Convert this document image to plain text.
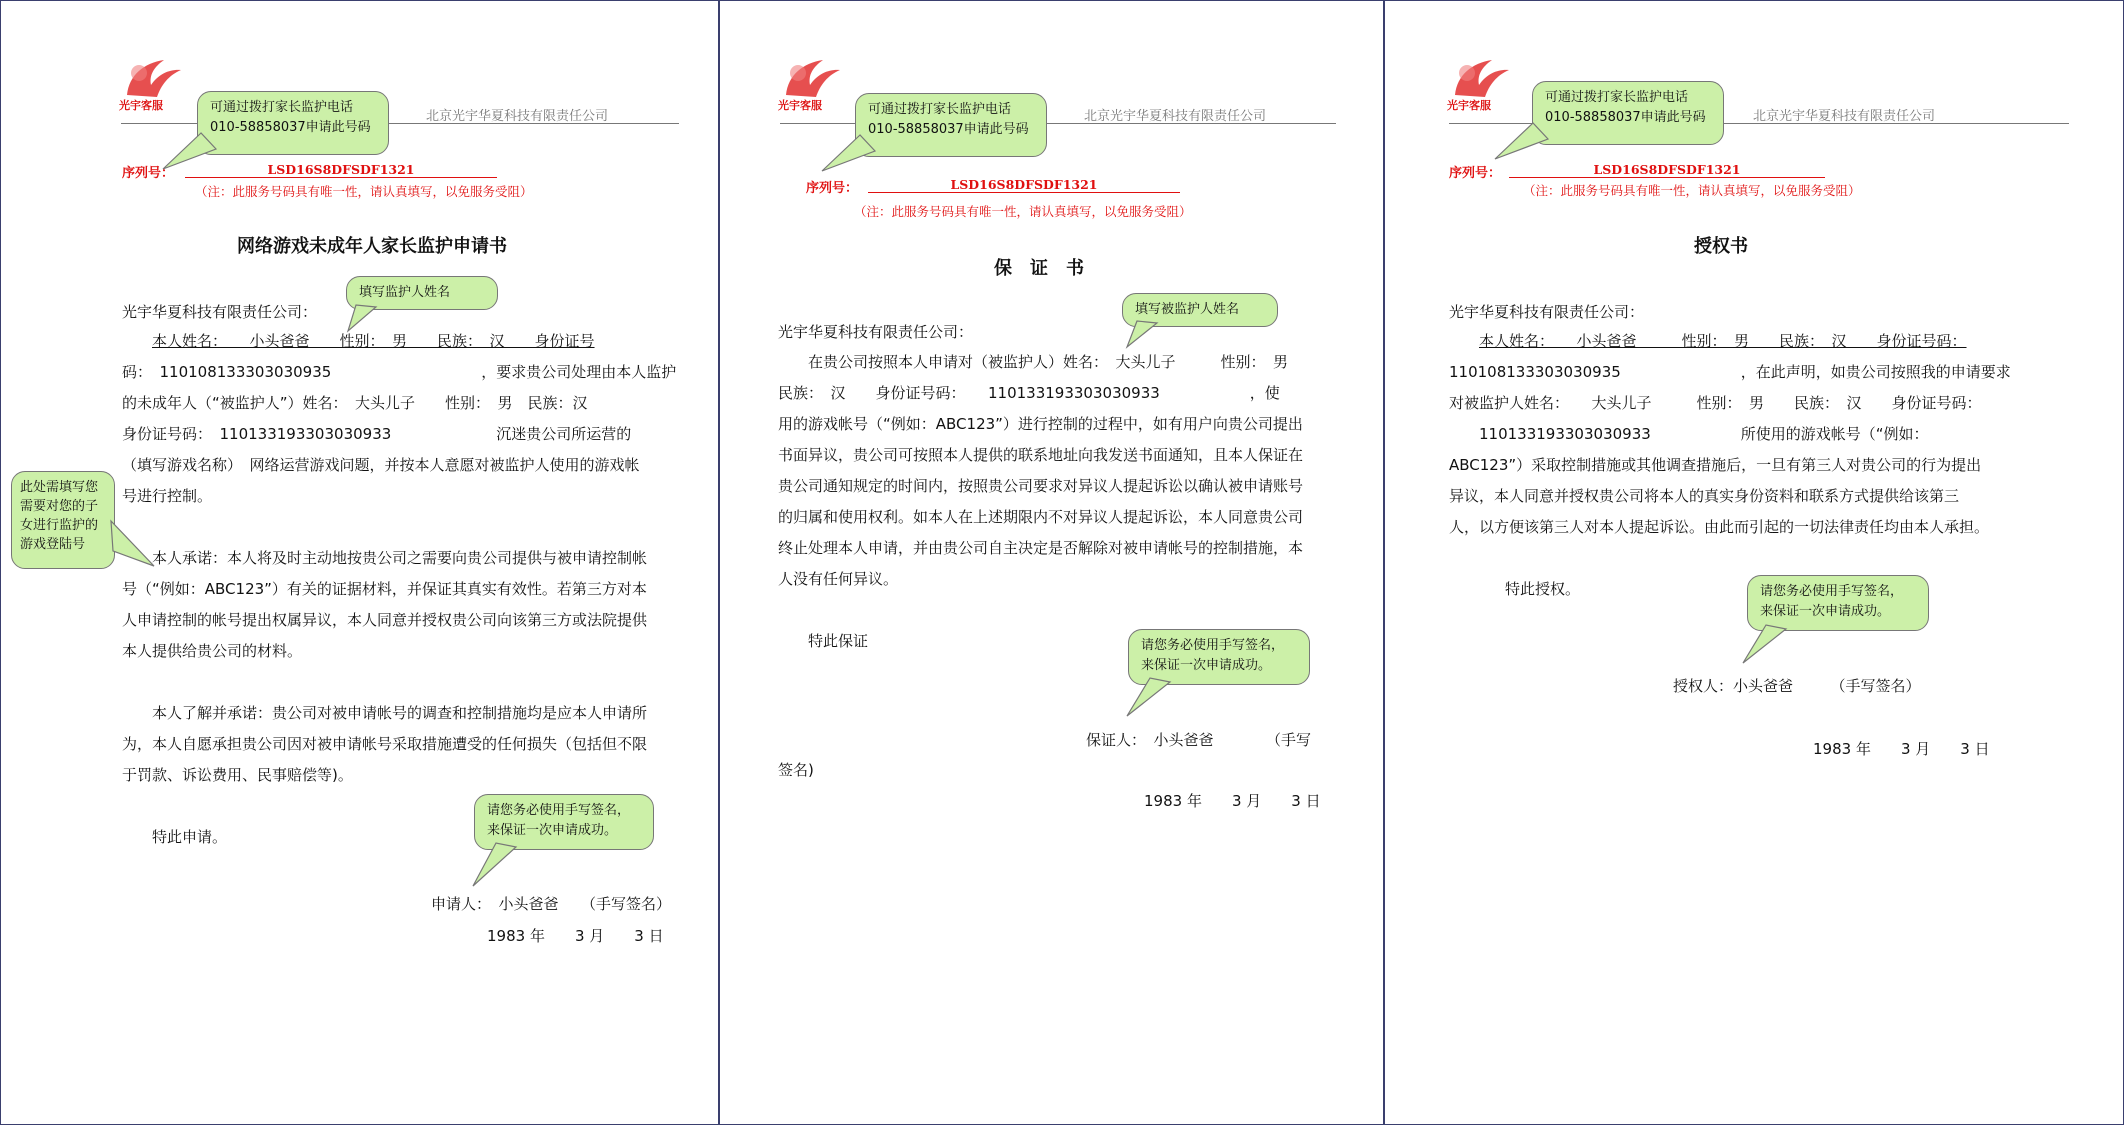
光宇客服
北京光宇华夏科技有限责任公司
可通过拨打家长监护电话
010-58858037申请此号码
序列号：	LSD16S8DFSDF1321
（注：此服务号码具有唯一性，请认真填写，以免服务受阻）
网络游戏未成年人家长监护申请书
填写监护人姓名
光宇华夏科技有限责任公司：
本人姓名：　　小头爸爸　　性别：　男　　民族：　汉　　身份证号
码：　110108133303030935　　　　　　　　　　，要求贵公司处理由本人监护
的未成年人（“被监护人”）姓名：　大头儿子　　性别：　男　民族：汉
身份证号码：　110133193303030933　　　　　　　沉迷贵公司所运营的
（填写游戏名称）　网络运营游戏问题，并按本人意愿对被监护人使用的游戏帐
号进行控制。
本人承诺：本人将及时主动地按贵公司之需要向贵公司提供与被申请控制帐
号（“例如：ABC123”）有关的证据材料，并保证其真实有效性。若第三方对本
人申请控制的帐号提出权属异议，本人同意并授权贵公司向该第三方或法院提供
本人提供给贵公司的材料。
本人了解并承诺：贵公司对被申请帐号的调查和控制措施均是应本人申请所
为，本人自愿承担贵公司因对被申请帐号采取措施遭受的任何损失（包括但不限
于罚款、诉讼费用、民事赔偿等)。
特此申请。
此处需填写您
需要对您的子
女进行监护的
游戏登陆号
请您务必使用手写签名，
来保证一次申请成功。
申请人：　小头爸爸　　（手写签名）
1983 年　　3 月　　3 日
光宇客服
北京光宇华夏科技有限责任公司
可通过拨打家长监护电话
010-58858037申请此号码
序列号：	LSD16S8DFSDF1321
（注：此服务号码具有唯一性，请认真填写，以免服务受阻）
保　证　书
填写被监护人姓名
光宇华夏科技有限责任公司：
在贵公司按照本人申请对（被监护人）姓名：　大头儿子　　　性别：　男
民族：　汉　　身份证号码：　　110133193303030933　　　　　　，使
用的游戏帐号（“例如：ABC123”）进行控制的过程中，如有用户向贵公司提出
书面异议，贵公司可按照本人提供的联系地址向我发送书面通知，且本人保证在
贵公司通知规定的时间内，按照贵公司要求对异议人提起诉讼以确认被申请账号
的归属和使用权利。如本人在上述期限内不对异议人提起诉讼，本人同意贵公司
终止处理本人申请，并由贵公司自主决定是否解除对被申请帐号的控制措施，本
人没有任何异议。
特此保证	请您务必使用手写签名，
来保证一次申请成功。
保证人：　小头爸爸　　　　（手写
签名)
1983 年　　3 月　　3 日
光宇客服
北京光宇华夏科技有限责任公司
可通过拨打家长监护电话
010-58858037申请此号码
序列号：	LSD16S8DFSDF1321
（注：此服务号码具有唯一性，请认真填写，以免服务受阻）
授权书
光宇华夏科技有限责任公司：
本人姓名：　　小头爸爸　　　性别：　男　　民族：　汉　　身份证号码：
110108133303030935　　　　　　　　，在此声明，如贵公司按照我的申请要求
对被监护人姓名：　　大头儿子　　　性别：　男　　民族：　汉　　身份证号码：
　　110133193303030933　　　　　　所使用的游戏帐号（“例如：
ABC123”）采取控制措施或其他调查措施后，一旦有第三人对贵公司的行为提出
异议，本人同意并授权贵公司将本人的真实身份资料和联系方式提供给该第三
人，以方便该第三人对本人提起诉讼。由此而引起的一切法律责任均由本人承担。
特此授权。	请您务必使用手写签名，
来保证一次申请成功。
授权人：小头爸爸　　　（手写签名）
1983 年　　3 月　　3 日
